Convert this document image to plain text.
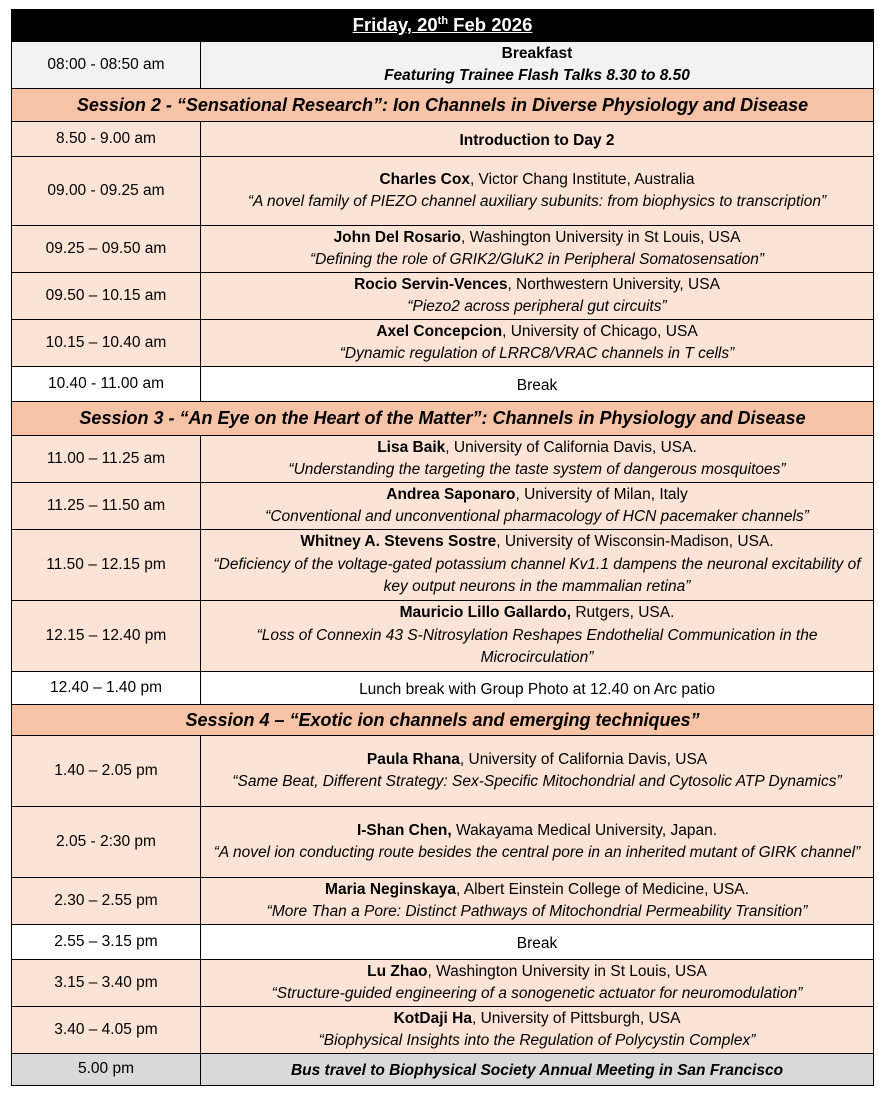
Friday, 20th Feb 2026	
08:00 - 08:50 am	Breakfast
Featuring Trainee Flash Talks 8.30 to 8.50

Session 2 - “Sensational Research”: Ion Channels in Diverse Physiology and Disease	
8.50 - 9.00 am	Introduction to Day 2
09.00 - 09.25 am	Charles Cox, Victor Chang Institute, Australia
“A novel family of PIEZO channel auxiliary subunits: from biophysics to transcription”

09.25 – 09.50 am	John Del Rosario, Washington University in St Louis, USA
“Defining the role of GRIK2/GluK2 in Peripheral Somatosensation”

09.50 – 10.15 am	Rocio Servin-Vences, Northwestern University, USA
“Piezo2 across peripheral gut circuits”

10.15 – 10.40 am	Axel Concepcion, University of Chicago, USA
“Dynamic regulation of LRRC8/VRAC channels in T cells”

10.40 - 11.00 am	Break
Session 3 - “An Eye on the Heart of the Matter”: Channels in Physiology and Disease	
11.00 – 11.25 am	Lisa Baik, University of California Davis, USA.
“Understanding the targeting the taste system of dangerous mosquitoes”

11.25 – 11.50 am	Andrea Saponaro, University of Milan, Italy
“Conventional and unconventional pharmacology of HCN pacemaker channels”

11.50 – 12.15 pm	Whitney A. Stevens Sostre, University of Wisconsin-Madison, USA.
“Deficiency of the voltage-gated potassium channel Kv1.1 dampens the neuronal excitability of key output neurons in the mammalian retina”

12.15 – 12.40 pm	Mauricio Lillo Gallardo, Rutgers, USA.
“Loss of Connexin 43 S-Nitrosylation Reshapes Endothelial Communication in the Microcirculation”

12.40 – 1.40 pm	Lunch break with Group Photo at 12.40 on Arc patio
Session 4 – “Exotic ion channels and emerging techniques”	
1.40 – 2.05 pm	Paula Rhana, University of California Davis, USA
“Same Beat, Different Strategy: Sex-Specific Mitochondrial and Cytosolic ATP Dynamics”

2.05 - 2:30 pm	I-Shan Chen, Wakayama Medical University, Japan.
“A novel ion conducting route besides the central pore in an inherited mutant of GIRK channel”

2.30 – 2.55 pm	Maria Neginskaya, Albert Einstein College of Medicine, USA.
“More Than a Pore: Distinct Pathways of Mitochondrial Permeability Transition”

2.55 – 3.15 pm	Break
3.15 – 3.40 pm	Lu Zhao, Washington University in St Louis, USA
“Structure-guided engineering of a sonogenetic actuator for neuromodulation”

3.40 – 4.05 pm	KotDaji Ha, University of Pittsburgh, USA
“Biophysical Insights into the Regulation of Polycystin Complex”

5.00 pm	Bus travel to Biophysical Society Annual Meeting in San Francisco
